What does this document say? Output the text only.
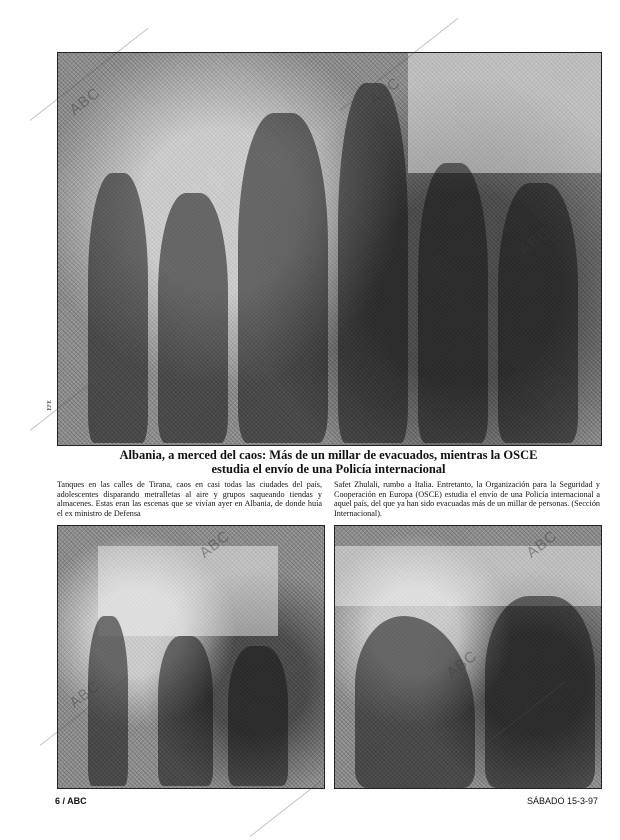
ABC	ABC
ABC
EFE
Albania, a merced del caos: Más de un millar de evacuados, mientras la OSCE
estudia el envío de una Policía internacional
Tanques en las calles de Tirana, caos en casi todas las ciudades del país, adolescentes disparando metralletas al aire y grupos saqueando tiendas y almacenes. Estas eran las escenas que se vivían ayer en Albania, de donde huía el ex ministro de Defensa
Safet Zhulali, rumbo a Italia. Entretanto, la Organización para la Seguridad y Cooperación en Europa (OSCE) estudia el envío de una Policía internacional a aquel país, del que ya han sido evacuadas más de un millar de personas. (Sección Internacional).
ABC
ABC
ABC
ABC
6 / ABC	SÁBADO 15-3-97
